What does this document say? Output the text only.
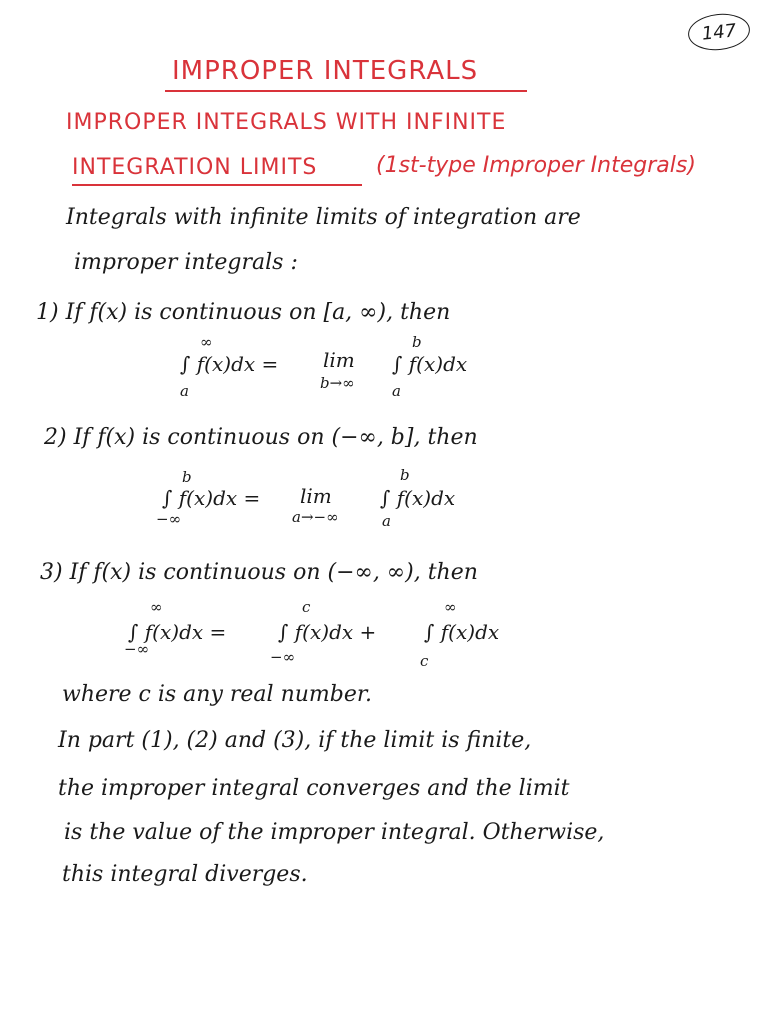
147
IMPROPER INTEGRALS
IMPROPER INTEGRALS WITH INFINITE
INTEGRATION LIMITS	(1st-type Improper Integrals)
Integrals with infinite limits of integration are
improper integrals :
1) If f(x) is continuous on [a, ∞), then
∞
∫ f(x)dx =
a
lim
b→∞
b
∫ f(x)dx
a
2) If f(x) is continuous on (−∞, b], then
b
∫ f(x)dx =
−∞
lim
a→−∞
b
∫ f(x)dx
a
3) If f(x) is continuous on (−∞, ∞), then
∞
∫ f(x)dx =
−∞
c
∫ f(x)dx +
−∞
∞
∫ f(x)dx
c
where c is any real number.
In part (1), (2) and (3), if the limit is finite,
the improper integral converges and the limit
is the value of the improper integral. Otherwise,
this integral diverges.
